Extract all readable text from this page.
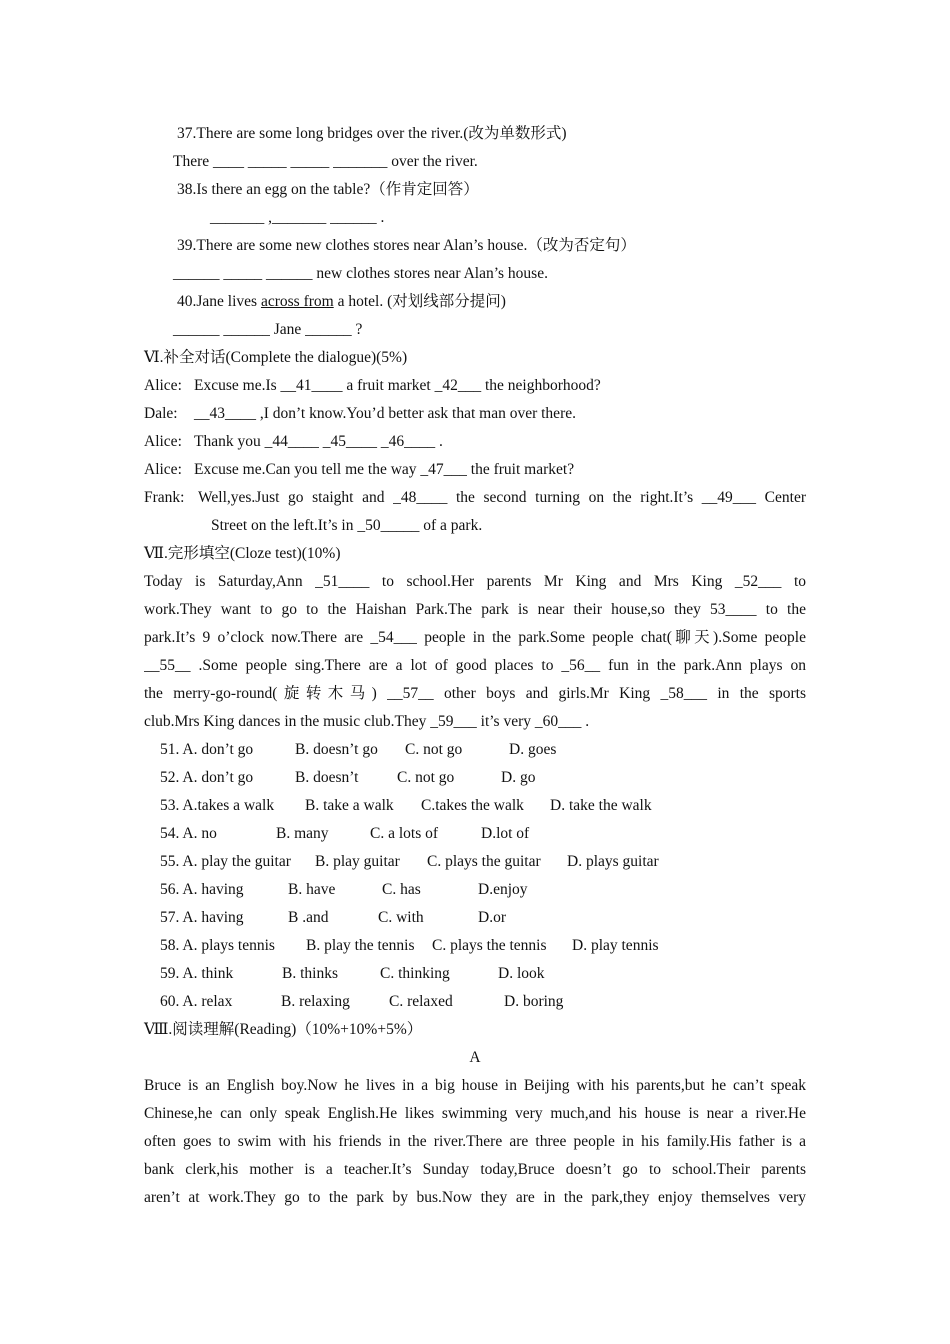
37.There are some long bridges over the river.(改为单数形式)
There ____ _____ _____ _______ over the river.
38.Is there an egg on the table?（作肯定回答）
_______ ,_______ ______ .
39.There are some new clothes stores near Alan’s house.（改为否定句）
______ _____ ______ new clothes stores near Alan’s house.
40.Jane lives across from a hotel. (对划线部分提问)
______ ______ Jane ______ ?
Ⅵ.补全对话(Complete the dialogue)(5%)
Alice: Excuse me.Is __41____ a fruit market _42___ the neighborhood?
Dale:	__43____ ,I don’t know.You’d better ask that man over there.
Alice: Thank you _44____ _45____ _46____ .
Alice: Excuse me.Can you tell me the way _47___ the fruit market?
Frank: Well,yes.Just go staight and _48____ the second turning on the right.It’s __49___ Center
Street on the left.It’s in _50_____ of a park.
Ⅶ.完形填空(Cloze test)(10%)
Today is Saturday,Ann _51____ to school.Her parents Mr King and Mrs King _52___ to
work.They want to go to the Haishan Park.The park is near their house,so they 53____ to the
park.It’s 9 o’clock now.There are _54___ people in the park.Some people chat(聊天).Some people
__55__ .Some people sing.There are a lot of good places to _56__ fun in the park.Ann plays on
the merry-go-round(旋转木马) __57__ other boys and girls.Mr King _58___ in the sports
club.Mrs King dances in the music club.They _59___ it’s very _60___ .
51. A. don’t go	B. doesn’t go	C. not go	D. goes
52. A. don’t go	B. doesn’t	C. not go	D. go
53. A.takes a walk	B. take a walk	C.takes the walk	D. take the walk
54. A. no	B. many	C. a lots of	D.lot of
55. A. play the guitar	B. play guitar	C. plays the guitar	D. plays guitar
56. A. having	B. have	C. has	D.enjoy
57. A. having	B .and	C. with	D.or
58. A. plays tennis	B. play the tennis	C. plays the tennis	D. play tennis
59. A. think	B. thinks	C. thinking	D. look
60. A. relax	B. relaxing	C. relaxed	D. boring
Ⅷ.阅读理解(Reading)（10%+10%+5%）
A
Bruce is an English boy.Now he lives in a big house in Beijing with his parents,but he can’t speak
Chinese,he can only speak English.He likes swimming very much,and his house is near a river.He
often goes to swim with his friends in the river.There are three people in his family.His father is a
bank clerk,his mother is a teacher.It’s Sunday today,Bruce doesn’t go to school.Their parents
aren’t at work.They go to the park by bus.Now they are in the park,they enjoy themselves very
